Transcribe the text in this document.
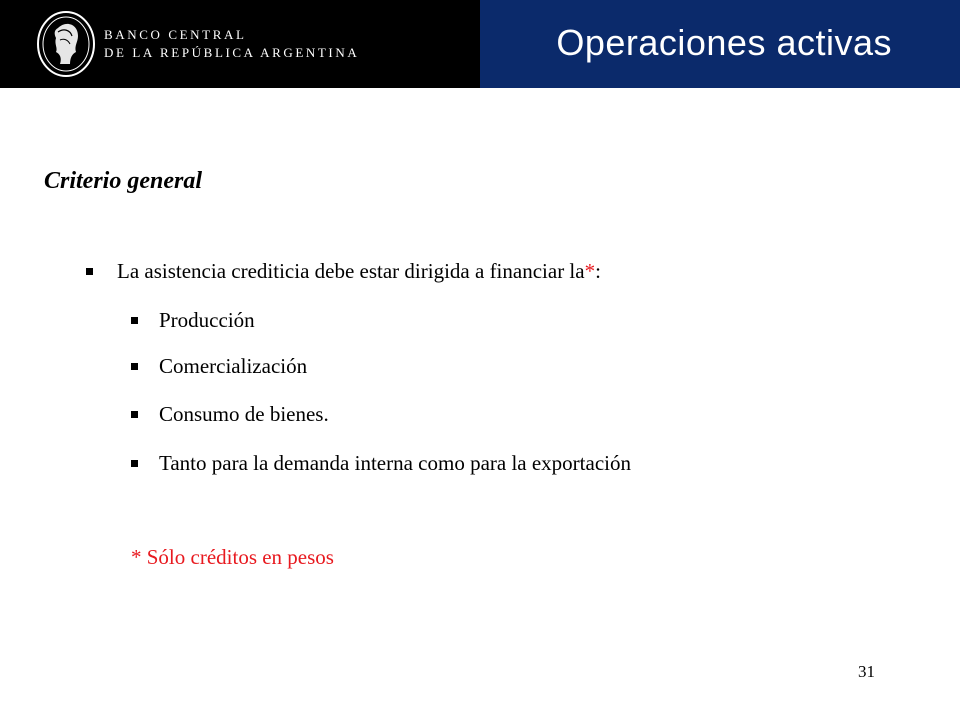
BANCO CENTRAL
DE LA REPÚBLICA ARGENTINA	Operaciones activas
Criterio general
La asistencia crediticia debe estar dirigida a financiar la*:
Producción
Comercialización
Consumo de bienes.
Tanto para la demanda interna como para la exportación
* Sólo créditos en pesos
31
